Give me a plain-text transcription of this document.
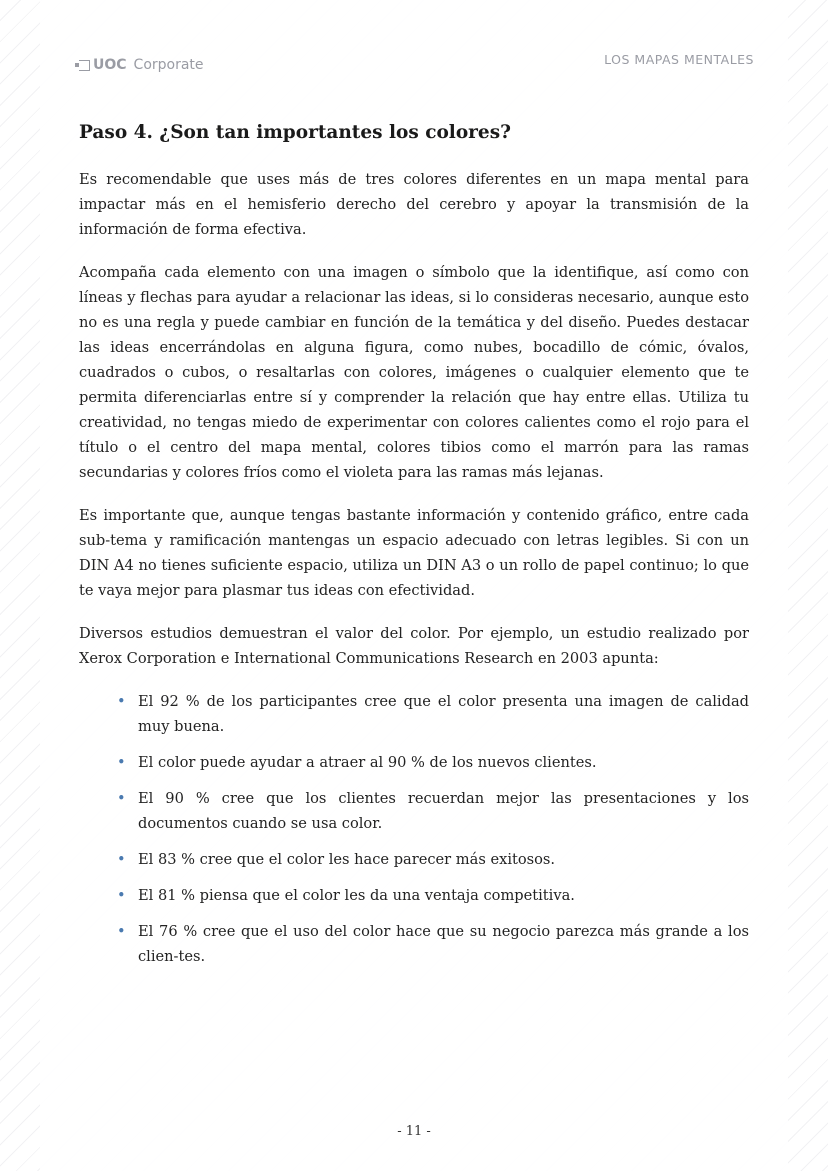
UOC Corporate	LOS MAPAS MENTALES
Paso 4. ¿Son tan importantes los colores?

Es recomendable que uses más de tres colores diferentes en un mapa mental para impactar más en el hemisferio derecho del cerebro y apoyar la transmisión de la información de forma efectiva.

Acompaña cada elemento con una imagen o símbolo que la identifique, así como con líneas y flechas para ayudar a relacionar las ideas, si lo consideras necesario, aunque esto no es una regla y puede cambiar en función de la temática y del diseño. Puedes destacar las ideas encerrándolas en alguna figura, como nubes, bocadillo de cómic, óvalos, cuadrados o cubos, o resaltarlas con colores, imágenes o cualquier elemento que te permita diferenciarlas entre sí y comprender la relación que hay entre ellas. Utiliza tu creatividad, no tengas miedo de experimentar con colores calientes como el rojo para el título o el centro del mapa mental, colores tibios como el marrón para las ramas secundarias y colores fríos como el violeta para las ramas más lejanas.

Es importante que, aunque tengas bastante información y contenido gráfico, entre cada sub-tema y ramificación mantengas un espacio adecuado con letras legibles. Si con un DIN A4 no tienes suficiente espacio, utiliza un DIN A3 o un rollo de papel continuo; lo que te vaya mejor para plasmar tus ideas con efectividad.

Diversos estudios demuestran el valor del color. Por ejemplo, un estudio realizado por Xerox Corporation e International Communications Research en 2003 apunta:

• El 92 % de los participantes cree que el color presenta una imagen de calidad muy buena.
• El color puede ayudar a atraer al 90 % de los nuevos clientes.
• El 90 % cree que los clientes recuerdan mejor las presentaciones y los documentos cuando se usa color.
• El 83 % cree que el color les hace parecer más exitosos.
• El 81 % piensa que el color les da una ventaja competitiva.
• El 76 % cree que el uso del color hace que su negocio parezca más grande a los clien-tes.
- 11 -
